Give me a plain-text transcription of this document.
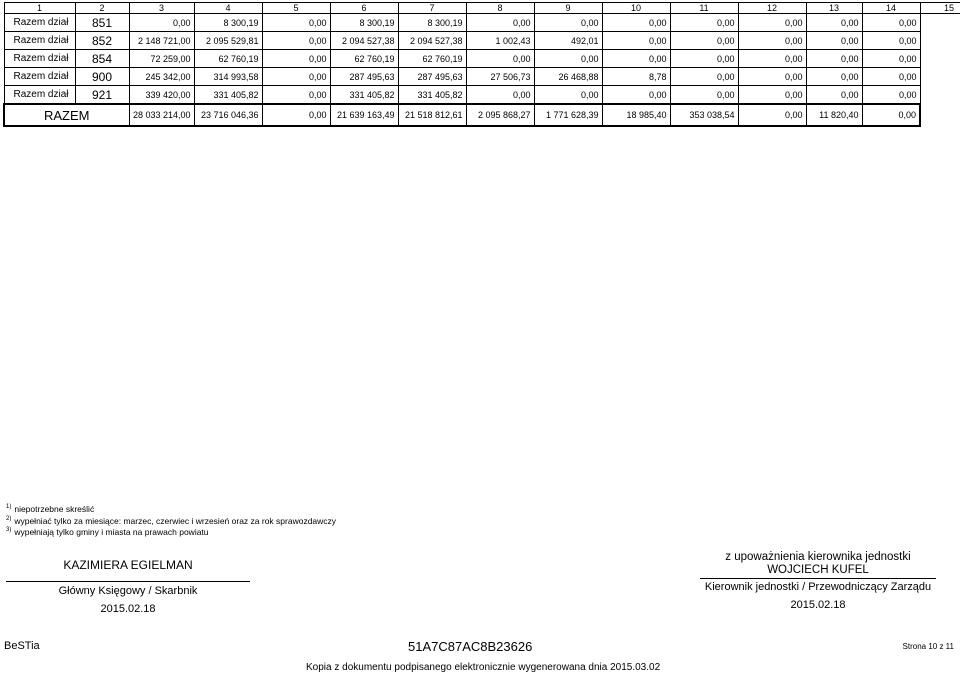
1	2	3	4	5	6	7	8	9	10	11	12	13	14	15
Razem dział	851	0,00	8 300,19	0,00	8 300,19	8 300,19	0,00	0,00	0,00	0,00	0,00	0,00	0,00	
Razem dział	852	2 148 721,00	2 095 529,81	0,00	2 094 527,38	2 094 527,38	1 002,43	492,01	0,00	0,00	0,00	0,00	0,00	
Razem dział	854	72 259,00	62 760,19	0,00	62 760,19	62 760,19	0,00	0,00	0,00	0,00	0,00	0,00	0,00	
Razem dział	900	245 342,00	314 993,58	0,00	287 495,63	287 495,63	27 506,73	26 468,88	8,78	0,00	0,00	0,00	0,00	
Razem dział	921	339 420,00	331 405,82	0,00	331 405,82	331 405,82	0,00	0,00	0,00	0,00	0,00	0,00	0,00	
RAZEM		28 033 214,00	23 716 046,36	0,00	21 639 163,49	21 518 812,61	2 095 868,27	1 771 628,39	18 985,40	353 038,54	0,00	11 820,40	0,00	
$^{1)}$ niepotrzebne skreślić
$^{2)}$ wypełniać tylko za miesiące: marzec, czerwiec i wrzesień oraz za rok sprawozdawczy
$^{3)}$ wypełniają tylko gminy i miasta na prawach powiatu
KAZIMIERA EGIELMAN
Główny Księgowy / Skarbnik
2015.02.18
z upoważnienia kierownika jednostki
WOJCIECH KUFEL
Kierownik jednostki / Przewodniczący Zarządu
2015.02.18
BeSTia	51A7C87AC8B23626	Strona 10 z 11
Kopia z dokumentu podpisanego elektronicznie wygenerowana dnia 2015.03.02
